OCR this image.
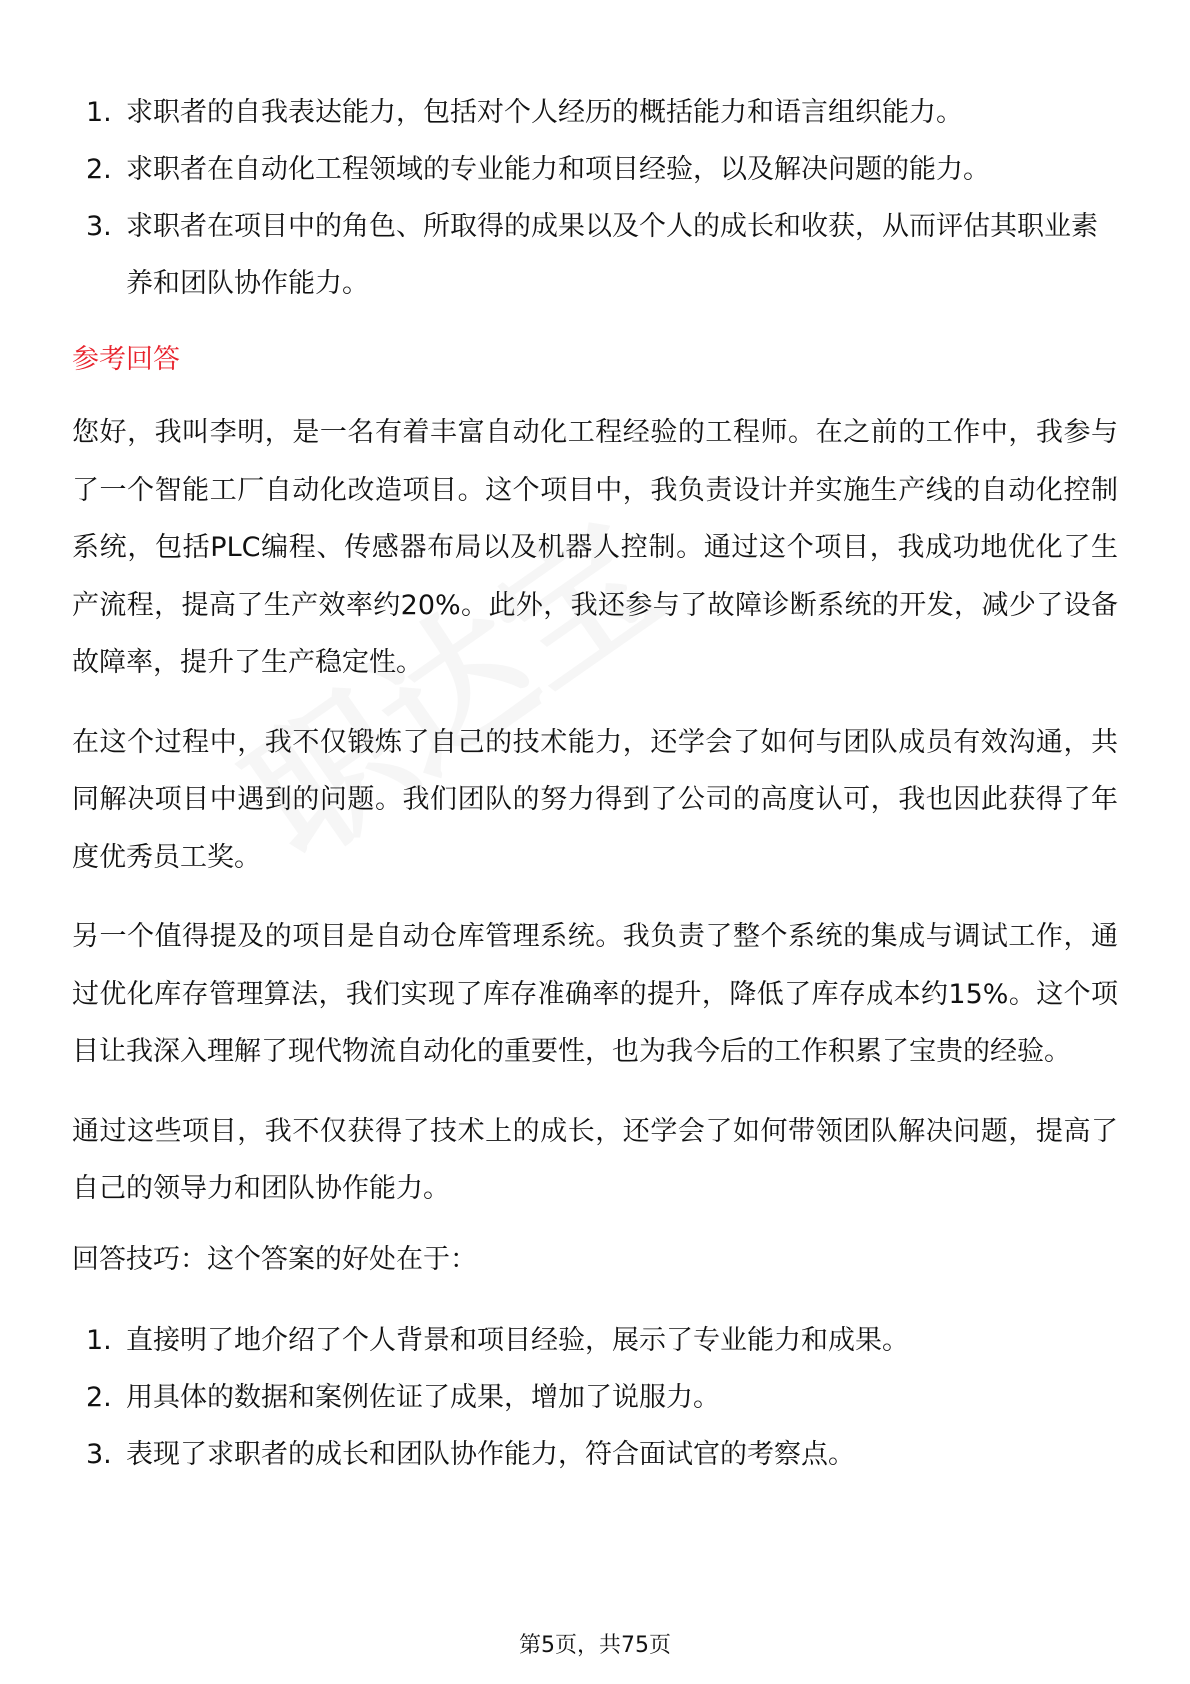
1. 求职者的自我表达能力，包括对个人经历的概括能力和语言组织能力。
2. 求职者在自动化工程领域的专业能力和项目经验，以及解决问题的能力。
3. 求职者在项目中的角色、所取得的成果以及个人的成长和收获，从而评估其职业素养和团队协作能力。
参考回答

您好，我叫李明，是一名有着丰富自动化工程经验的工程师。在之前的工作中，我参与了一个智能工厂自动化改造项目。这个项目中，我负责设计并实施生产线的自动化控制系统，包括PLC编程、传感器布局以及机器人控制。通过这个项目，我成功地优化了生产流程，提高了生产效率约20%。此外，我还参与了故障诊断系统的开发，减少了设备故障率，提升了生产稳定性。

在这个过程中，我不仅锻炼了自己的技术能力，还学会了如何与团队成员有效沟通，共同解决项目中遇到的问题。我们团队的努力得到了公司的高度认可，我也因此获得了年度优秀员工奖。

另一个值得提及的项目是自动仓库管理系统。我负责了整个系统的集成与调试工作，通过优化库存管理算法，我们实现了库存准确率的提升，降低了库存成本约15%。这个项目让我深入理解了现代物流自动化的重要性，也为我今后的工作积累了宝贵的经验。

通过这些项目，我不仅获得了技术上的成长，还学会了如何带领团队解决问题，提高了自己的领导力和团队协作能力。

回答技巧：这个答案的好处在于：
1. 直接明了地介绍了个人背景和项目经验，展示了专业能力和成果。
2. 用具体的数据和案例佐证了成果，增加了说服力。
3. 表现了求职者的成长和团队协作能力，符合面试官的考察点。
第5页，共75页
